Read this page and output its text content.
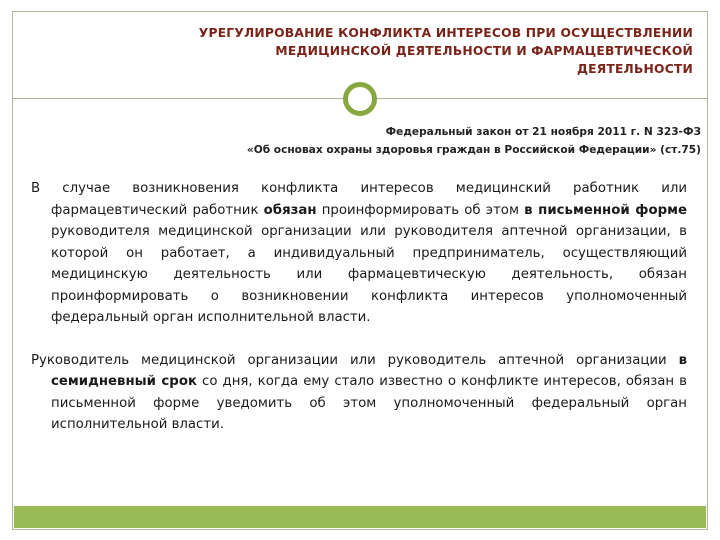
УРЕГУЛИРОВАНИЕ КОНФЛИКТА ИНТЕРЕСОВ ПРИ ОСУЩЕСТВЛЕНИИ
МЕДИЦИНСКОЙ ДЕЯТЕЛЬНОСТИ И ФАРМАЦЕВТИЧЕСКОЙ
ДЕЯТЕЛЬНОСТИ
Федеральный закон от 21 ноября 2011 г. N 323-ФЗ
«Об основах охраны здоровья граждан в Российской Федерации» (ст.75)

В случае возникновения конфликта интересов медицинский работник или фармацевтический работник обязан проинформировать об этом в письменной форме руководителя медицинской организации или руководителя аптечной организации, в которой он работает, а индивидуальный предприниматель, осуществляющий медицинскую деятельность или фармацевтическую деятельность, обязан проинформировать о возникновении конфликта интересов уполномоченный федеральный орган исполнительной власти.

Руководитель медицинской организации или руководитель аптечной организации в семидневный срок со дня, когда ему стало известно о конфликте интересов, обязан в письменной форме уведомить об этом уполномоченный федеральный орган исполнительной власти.
